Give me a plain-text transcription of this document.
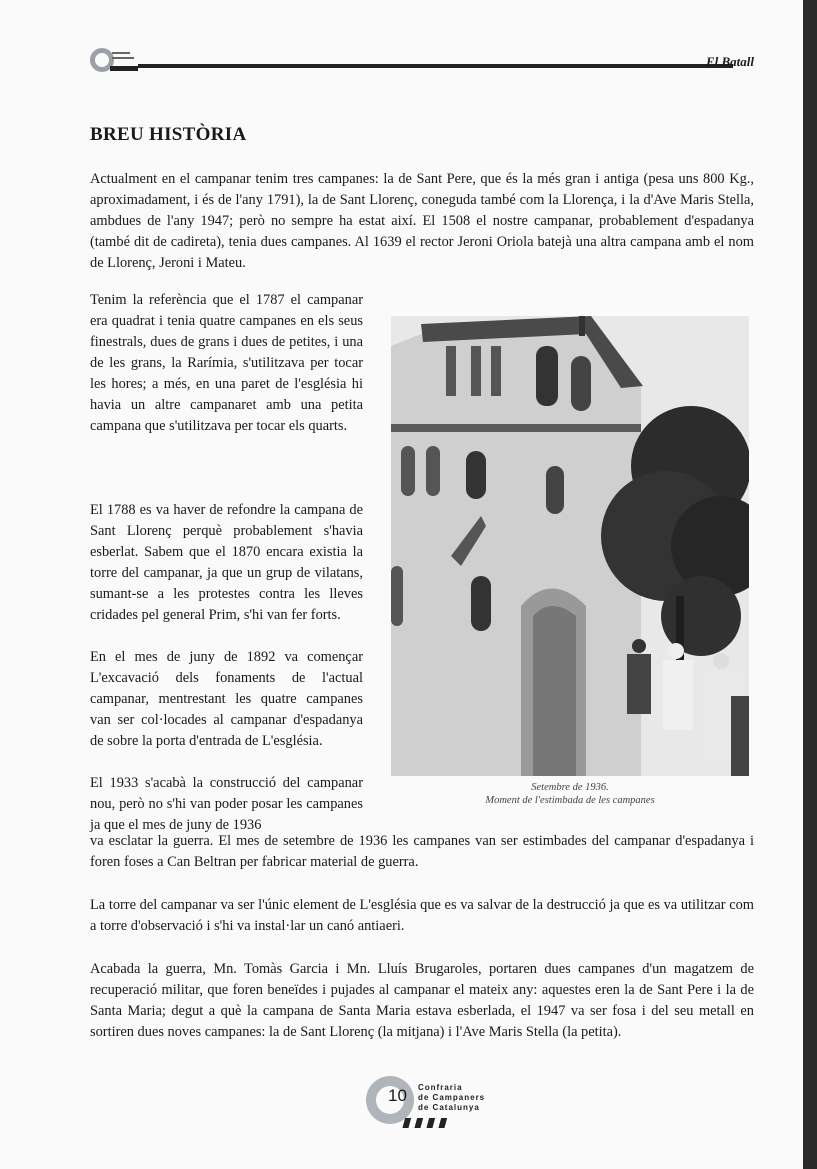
El Batall
BREU HISTÒRIA

Actualment en el campanar tenim tres campanes: la de Sant Pere, que és la més gran i antiga (pesa uns 800 Kg., aproximadament, i és de l'any 1791), la de Sant Llorenç, coneguda també com la Llorença, i la d'Ave Maris Stella, ambdues de l'any 1947; però no sempre ha estat així. El 1508 el nostre campanar, probablement d'espadanya (també dit de cadireta), tenia dues campanes. Al 1639 el rector Jeroni Oriola batejà una altra campana amb el nom de Llorenç, Jeroni i Mateu.

Tenim la referència que el 1787 el campanar era quadrat i tenia quatre campanes en els seus finestrals, dues de grans i dues de petites, i una de les grans, la Rarímia, s'utilitzava per tocar les hores; a més, en una paret de l'església hi havia un altre campanaret amb una petita campana que s'utilitzava per tocar els quarts.

El 1788 es va haver de refondre la campana de Sant Llorenç perquè probablement s'havia esberlat. Sabem que el 1870 encara existia la torre del campanar, ja que un grup de vilatans, sumant-se a les protestes contra les lleves cridades pel general Prim, s'hi van fer forts.

En el mes de juny de 1892 va començar L'excavació dels fonaments de l'actual campanar, mentrestant les quatre campanes van ser col·locades al campanar d'espadanya de sobre la porta d'entrada de L'església.

El 1933 s'acabà la construcció del campanar nou, però no s'hi van poder posar les campanes ja que el mes de juny de 1936

va esclatar la guerra. El mes de setembre de 1936 les campanes van ser estimbades del campanar d'espadanya i foren foses a Can Beltran per fabricar material de guerra.

La torre del campanar va ser l'únic element de L'església que es va salvar de la destrucció ja que es va utilitzar com a torre d'observació i s'hi va instal·lar un canó antiaeri.

Acabada la guerra, Mn. Tomàs Garcia i Mn. Lluís Brugaroles, portaren dues campanes d'un magatzem de recuperació militar, que foren beneïdes i pujades al campanar el mateix any: aquestes eren la de Sant Pere i la de Santa Maria; degut a què la campana de Santa Maria estava esberlada, el 1947 va ser fosa i del seu metall en sortiren dues noves campanes: la de Sant Llorenç (la mitjana) i l'Ave Maris Stella (la petita).

Setembre de 1936.
Moment de l'estimbada de les campanes
10 Confraria
de Campaners
de Catalunya
